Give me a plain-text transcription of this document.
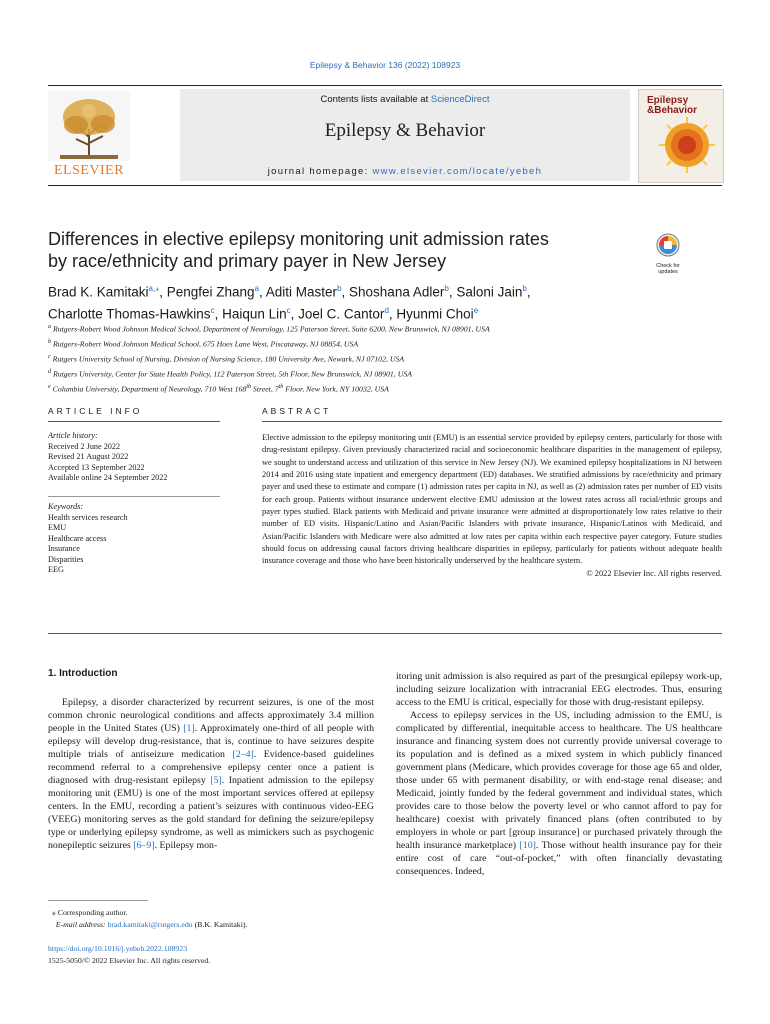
Epilepsy & Behavior 136 (2022) 108923
ELSEVIER
Contents lists available at ScienceDirect
Epilepsy & Behavior
journal homepage: www.elsevier.com/locate/yebeh
Epilepsy
&Behavior
Differences in elective epilepsy monitoring unit admission rates
by race/ethnicity and primary payer in New Jersey	Check for
updates
Brad K. Kamitaki$^{a,⁎}$, Pengfei Zhang$^a$, Aditi Master$^b$, Shoshana Adler$^b$, Saloni Jain$^b$,
Charlotte Thomas-Hawkins$^c$, Haiqun Lin$^c$, Joel C. Cantor$^d$, Hyunmi Choi$^e$
$^a$ Rutgers-Robert Wood Johnson Medical School, Department of Neurology, 125 Paterson Street, Suite 6200, New Brunswick, NJ 08901, USA
$^b$ Rutgers-Robert Wood Johnson Medical School, 675 Hoes Lane West, Piscataway, NJ 08854, USA
$^c$ Rutgers University School of Nursing, Division of Nursing Science, 180 University Ave, Newark, NJ 07102, USA
$^d$ Rutgers University, Center for State Health Policy, 112 Paterson Street, 5th Floor, New Brunswick, NJ 08901, USA
$^e$ Columbia University, Department of Neurology, 710 West 168th Street, 7th Floor, New York, NY 10032, USA
ARTICLE INFO
Article history:
Received 2 June 2022
Revised 21 August 2022
Accepted 13 September 2022
Available online 24 September 2022
Keywords:
Health services research
EMU
Healthcare access
Insurance
Disparities
EEG
ABSTRACT
Elective admission to the epilepsy monitoring unit (EMU) is an essential service provided by epilepsy centers, particularly for those with drug-resistant epilepsy. Given previously characterized racial and socioeconomic healthcare disparities in the management of epilepsy, we sought to understand access and utilization of this service in New Jersey (NJ). We examined epilepsy hospitalizations in NJ between 2014 and 2016 using state inpatient and emergency department (ED) databases. We stratified admissions by race/ethnicity and primary payer and used these to estimate and compare (1) admission rates per capita in NJ, as well as (2) admission rates per number of ED visits for each group. Patients without insurance underwent elective EMU admission at the lowest rates across all racial/ethnic groups and payer types studied. Black patients with Medicaid and private insurance were admitted at disproportionately low rates relative to their number of ED visits. Hispanic/Latino and Asian/Pacific Islanders with private insurance, Hispanic/Latinos with Medicaid, and Asian/Pacific Islanders with Medicare were also admitted at low rates per capita within each respective payer category. Future studies should focus on addressing causal factors driving healthcare disparities in epilepsy, particularly for patients without adequate health insurance coverage and those who have been historically underserved by the healthcare system.
© 2022 Elsevier Inc. All rights reserved.
1. Introduction

Epilepsy, a disorder characterized by recurrent seizures, is one of the most common chronic neurological conditions and affects approximately 3.4 million people in the United States (US) [1]. Approximately one-third of all people with epilepsy will develop drug-resistance, that is, continue to have seizures despite multiple trials of antiseizure medication [2–4]. Evidence-based guidelines recommend referral to a comprehensive epilepsy center once a patient is diagnosed with drug-resistant epilepsy [5]. Inpatient admission to the epilepsy monitoring unit (EMU) is one of the most important services offered at epilepsy centers. In the EMU, recording a patient’s seizures with continuous video-EEG (VEEG) monitoring serves as the gold standard for defining the seizure/epilepsy type or underlying epilepsy syndrome, as well as mimickers such as psychogenic nonepileptic seizures [6–9]. Epilepsy mon-

itoring unit admission is also required as part of the presurgical epilepsy work-up, including seizure localization with intracranial EEG electrodes. Thus, ensuring access to the EMU is critical, especially for those with drug-resistant epilepsy.

Access to epilepsy services in the US, including admission to the EMU, is complicated by differential, inequitable access to healthcare. The US healthcare insurance and financing system does not currently provide universal coverage to its population and is defined as a mixed system in which publicly financed government plans (Medicare, which provides coverage for those age 65 and older, those under 65 with permanent disability, or with end-stage renal disease; and Medicaid, jointly funded by the federal government and individual states, which provides care to those below the poverty level or who cannot afford to pay for healthcare) coexist with privately financed plans (often contributed to by employers in whole or part [group insurance] or purchased privately through the health insurance marketplace) [10]. Those without health insurance pay for their entire cost of care “out-of-pocket,” with often financially devastating consequences. Indeed,

⁎ Corresponding author.
E-mail address: brad.kamitaki@rutgers.edu (B.K. Kamitaki).
https://doi.org/10.1016/j.yebeh.2022.108923
1525-5050/© 2022 Elsevier Inc. All rights reserved.
